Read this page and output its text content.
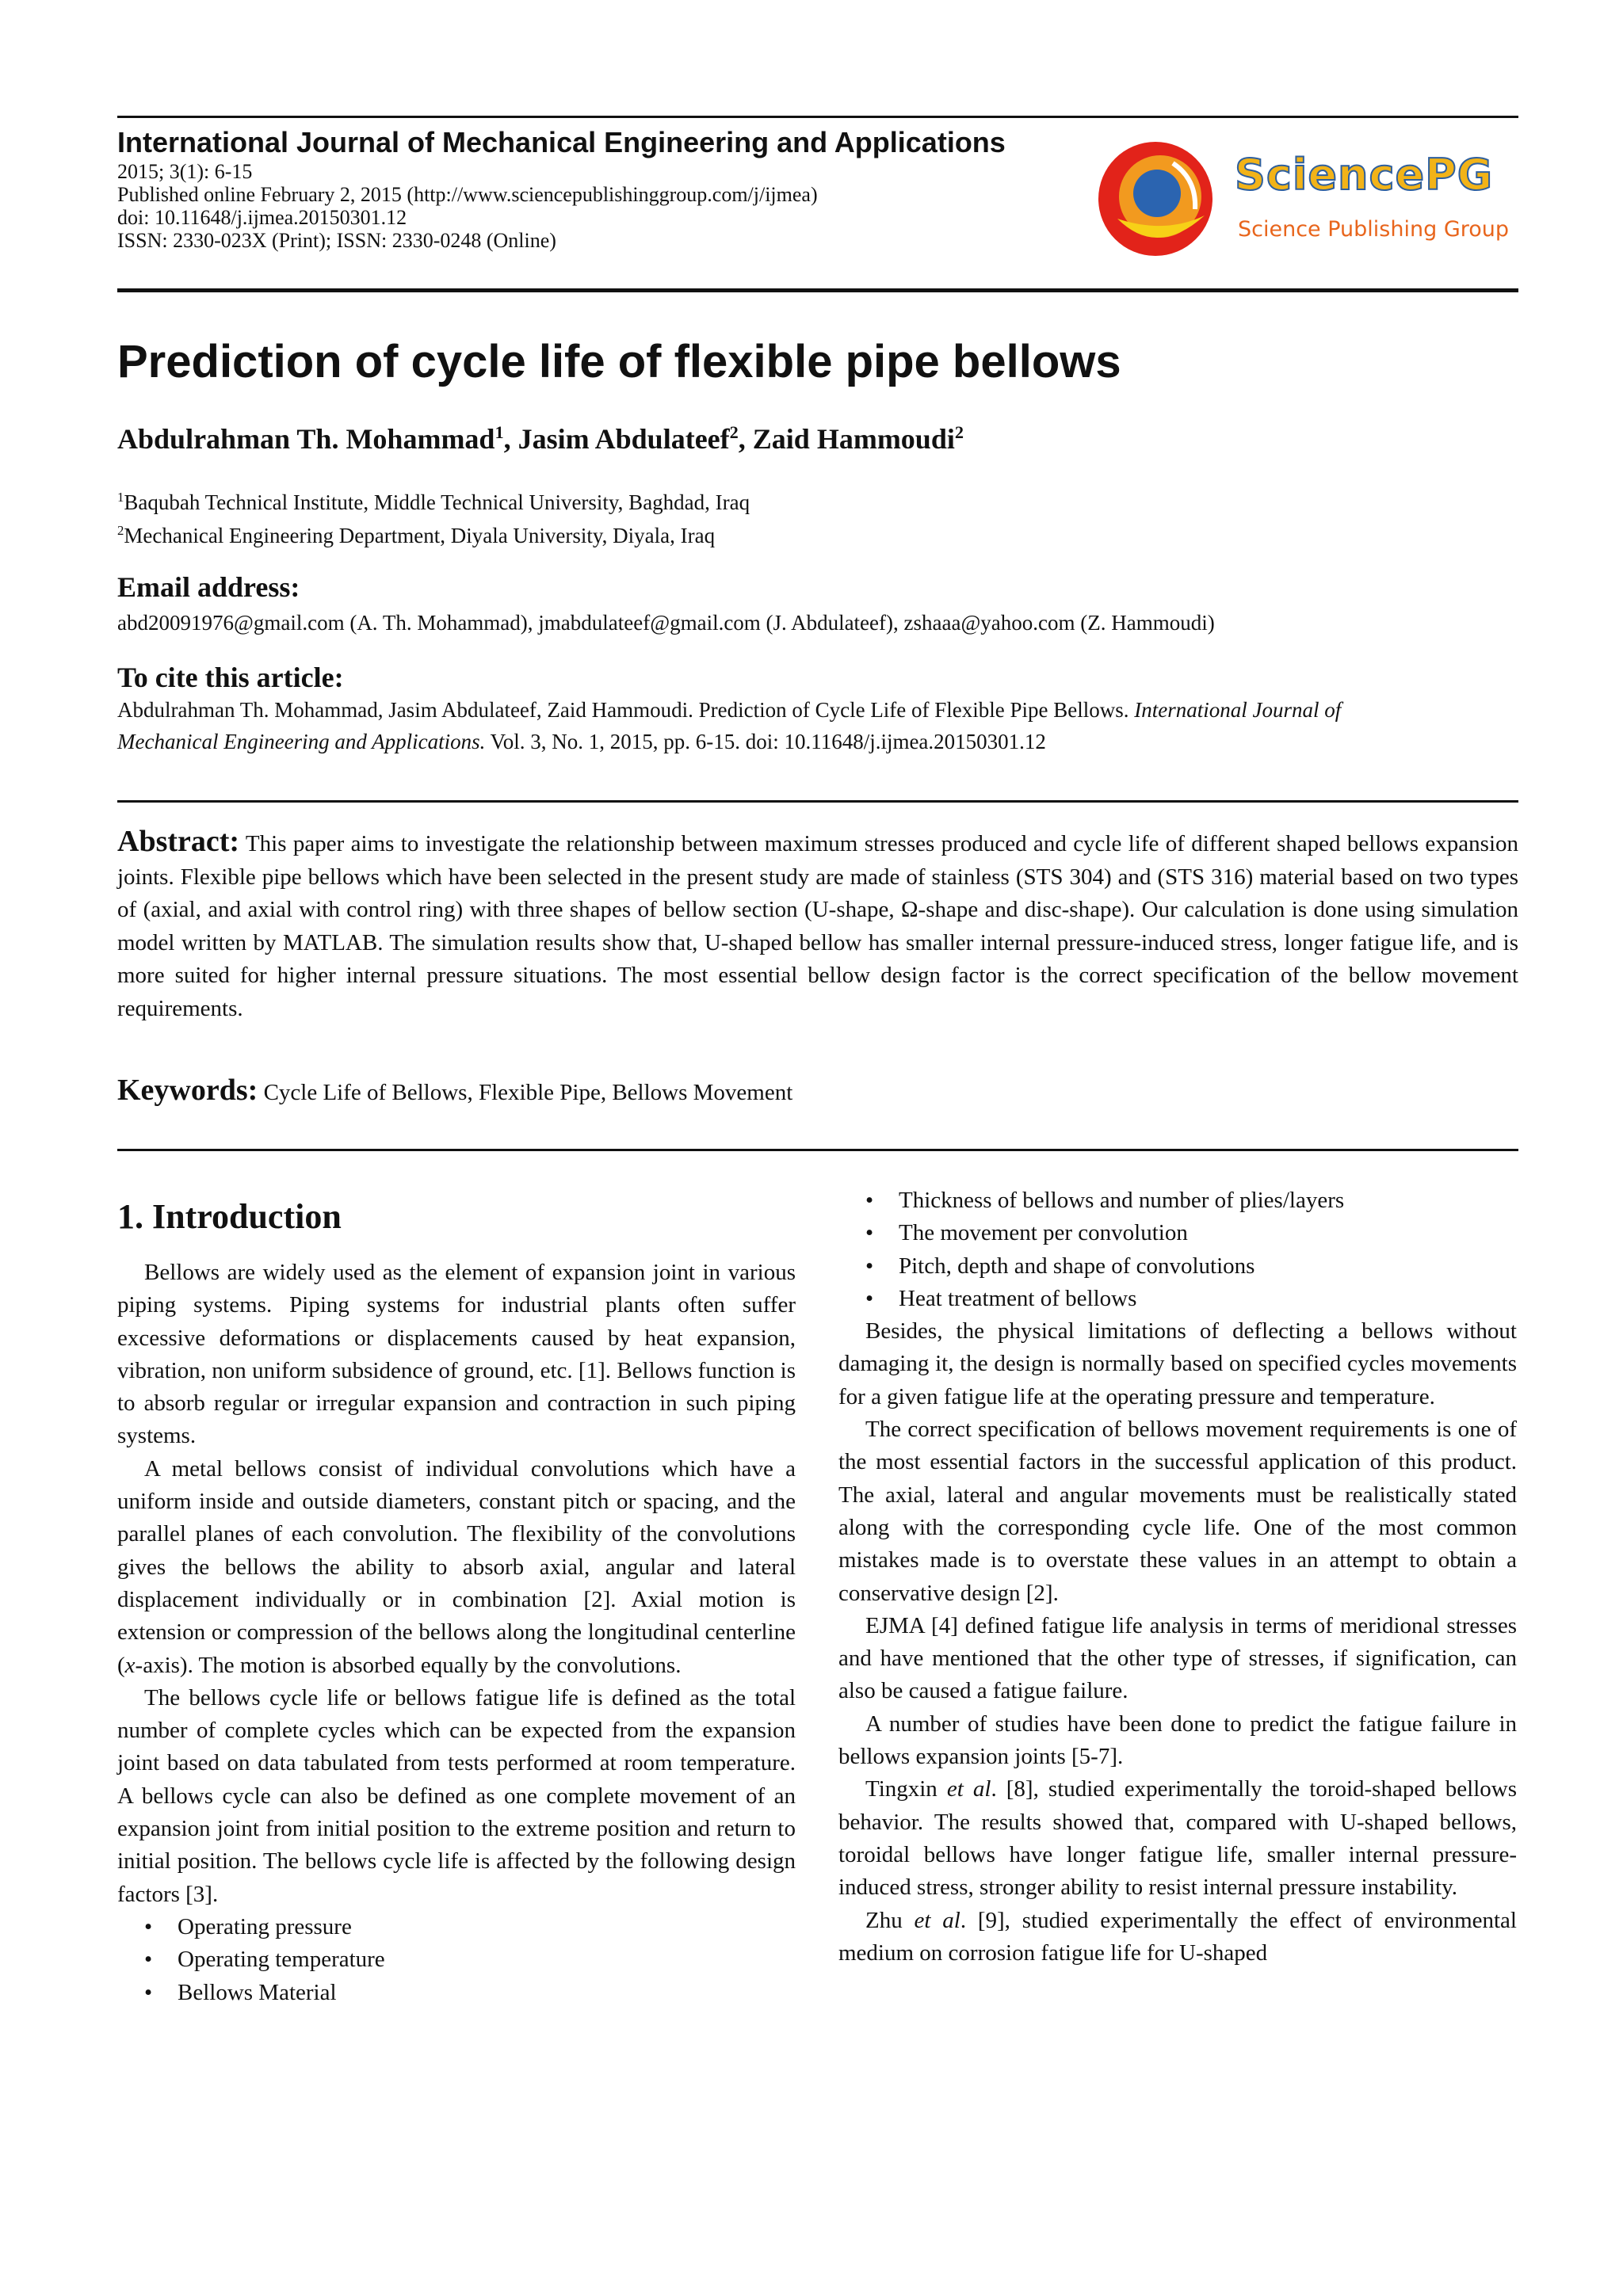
International Journal of Mechanical Engineering and Applications
2015; 3(1): 6-15
Published online February 2, 2015 (http://www.sciencepublishinggroup.com/j/ijmea)
doi: 10.11648/j.ijmea.20150301.12
ISSN: 2330-023X (Print); ISSN: 2330-0248 (Online)
SciencePG
Science Publishing Group
Prediction of cycle life of flexible pipe bellows
Abdulrahman Th. Mohammad$^1$, Jasim Abdulateef$^2$, Zaid Hammoudi$^2$
$^1$Baqubah Technical Institute, Middle Technical University, Baghdad, Iraq
$^2$Mechanical Engineering Department, Diyala University, Diyala, Iraq
Email address:
abd20091976@gmail.com (A. Th. Mohammad), jmabdulateef@gmail.com (J. Abdulateef), zshaaa@yahoo.com (Z. Hammoudi)
To cite this article:
Abdulrahman Th. Mohammad, Jasim Abdulateef, Zaid Hammoudi. Prediction of Cycle Life of Flexible Pipe Bellows. International Journal of
Mechanical Engineering and Applications. Vol. 3, No. 1, 2015, pp. 6-15. doi: 10.11648/j.ijmea.20150301.12
Abstract: This paper aims to investigate the relationship between maximum stresses produced and cycle life of different shaped bellows expansion joints. Flexible pipe bellows which have been selected in the present study are made of stainless (STS 304) and (STS 316) material based on two types of (axial, and axial with control ring) with three shapes of bellow section (U-shape, Ω-shape and disc-shape). Our calculation is done using simulation model written by MATLAB. The simulation results show that, U-shaped bellow has smaller internal pressure-induced stress, longer fatigue life, and is more suited for higher internal pressure situations. The most essential bellow design factor is the correct specification of the bellow movement requirements.
Keywords: Cycle Life of Bellows, Flexible Pipe, Bellows Movement
1. Introduction

Bellows are widely used as the element of expansion joint in various piping systems. Piping systems for industrial plants often suffer excessive deformations or displacements caused by heat expansion, vibration, non uniform subsidence of ground, etc. [1]. Bellows function is to absorb regular or irregular expansion and contraction in such piping systems.

A metal bellows consist of individual convolutions which have a uniform inside and outside diameters, constant pitch or spacing, and the parallel planes of each convolution. The flexibility of the convolutions gives the bellows the ability to absorb axial, angular and lateral displacement individually or in combination [2]. Axial motion is extension or compression of the bellows along the longitudinal centerline (x-axis). The motion is absorbed equally by the convolutions.

The bellows cycle life or bellows fatigue life is defined as the total number of complete cycles which can be expected from the expansion joint based on data tabulated from tests performed at room temperature. A bellows cycle can also be defined as one complete movement of an expansion joint from initial position to the extreme position and return to initial position. The bellows cycle life is affected by the following design factors [3].

• Operating pressure
• Operating temperature
• Bellows Material
• Thickness of bellows and number of plies/layers
• The movement per convolution
• Pitch, depth and shape of convolutions
• Heat treatment of bellows

Besides, the physical limitations of deflecting a bellows without damaging it, the design is normally based on specified cycles movements for a given fatigue life at the operating pressure and temperature.

The correct specification of bellows movement requirements is one of the most essential factors in the successful application of this product. The axial, lateral and angular movements must be realistically stated along with the corresponding cycle life. One of the most common mistakes made is to overstate these values in an attempt to obtain a conservative design [2].

EJMA [4] defined fatigue life analysis in terms of meridional stresses and have mentioned that the other type of stresses, if signification, can also be caused a fatigue failure.

A number of studies have been done to predict the fatigue failure in bellows expansion joints [5-7].

Tingxin et al. [8], studied experimentally the toroid-shaped bellows behavior. The results showed that, compared with U-shaped bellows, toroidal bellows have longer fatigue life, smaller internal pressure-induced stress, stronger ability to resist internal pressure instability.

Zhu et al. [9], studied experimentally the effect of environmental medium on corrosion fatigue life for U-shaped
